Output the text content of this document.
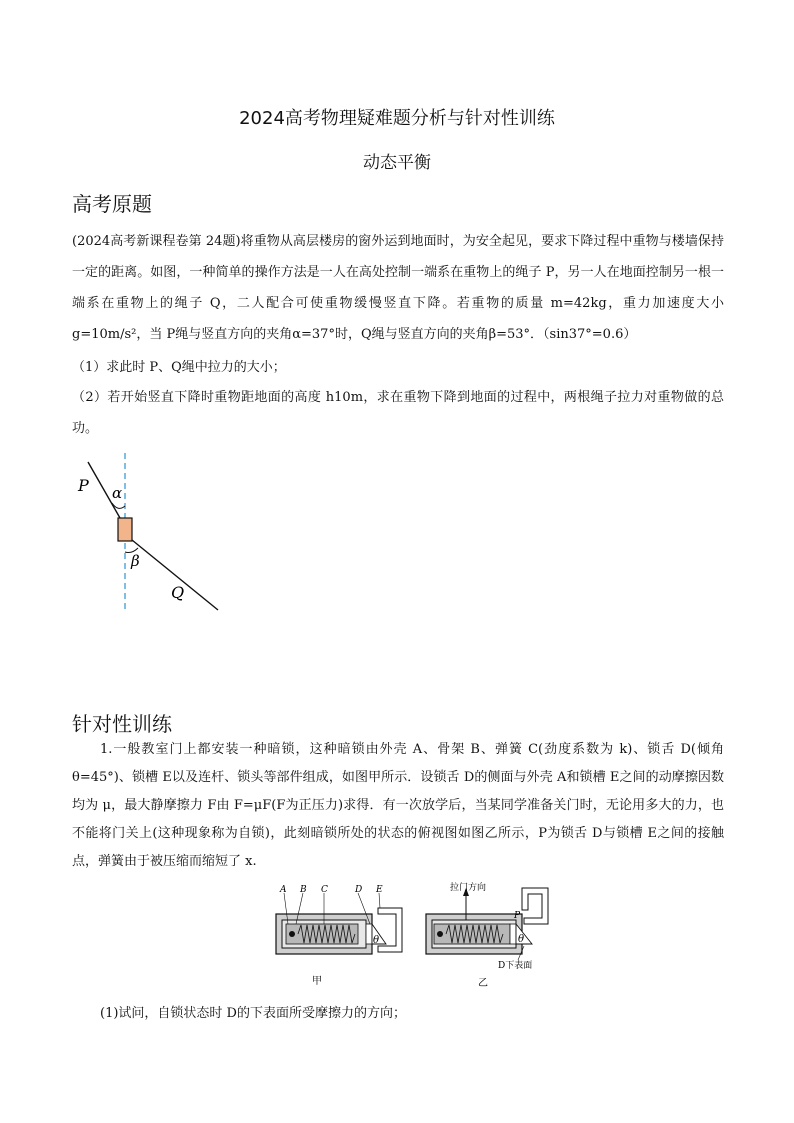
2024高考物理疑难题分析与针对性训练
动态平衡
高考原题
(2024高考新课程卷第 24题)将重物从高层楼房的窗外运到地面时，为安全起见，要求下降过程中重物与楼墙保持一定的距离。如图，一种简单的操作方法是一人在高处控制一端系在重物上的绳子 P，另一人在地面控制另一根一端系在重物上的绳子 Q，二人配合可使重物缓慢竖直下降。若重物的质量 m=42kg，重力加速度大小 g=10m/s²，当 P绳与竖直方向的夹角α=37°时，Q绳与竖直方向的夹角β=53°．（sin37°=0.6）
（1）求此时 P、Q绳中拉力的大小；
（2）若开始竖直下降时重物距地面的高度 h10m，求在重物下降到地面的过程中，两根绳子拉力对重物做的总功。
P α
β
Q
针对性训练
1.一般教室门上都安装一种暗锁，这种暗锁由外壳 A、骨架 B、弹簧 C(劲度系数为 k)、锁舌 D(倾角 θ=45°)、锁槽 E以及连杆、锁头等部件组成，如图甲所示．设锁舌 D的侧面与外壳 A和锁槽 E之间的动摩擦因数均为 μ，最大静摩擦力 F由 F=μF(F为正压力)求得．有一次放学后，当某同学准备关门时，无论用多大的力，也不能将门关上(这种现象称为自锁)，此刻暗锁所处的状态的俯视图如图乙所示，P为锁舌 D与锁槽 E之间的接触点，弹簧由于被压缩而缩短了 x.
θ
A B C	D E
甲
拉门方向
P
θ
D下表面
乙
(1)试问，自锁状态时 D的下表面所受摩擦力的方向；
